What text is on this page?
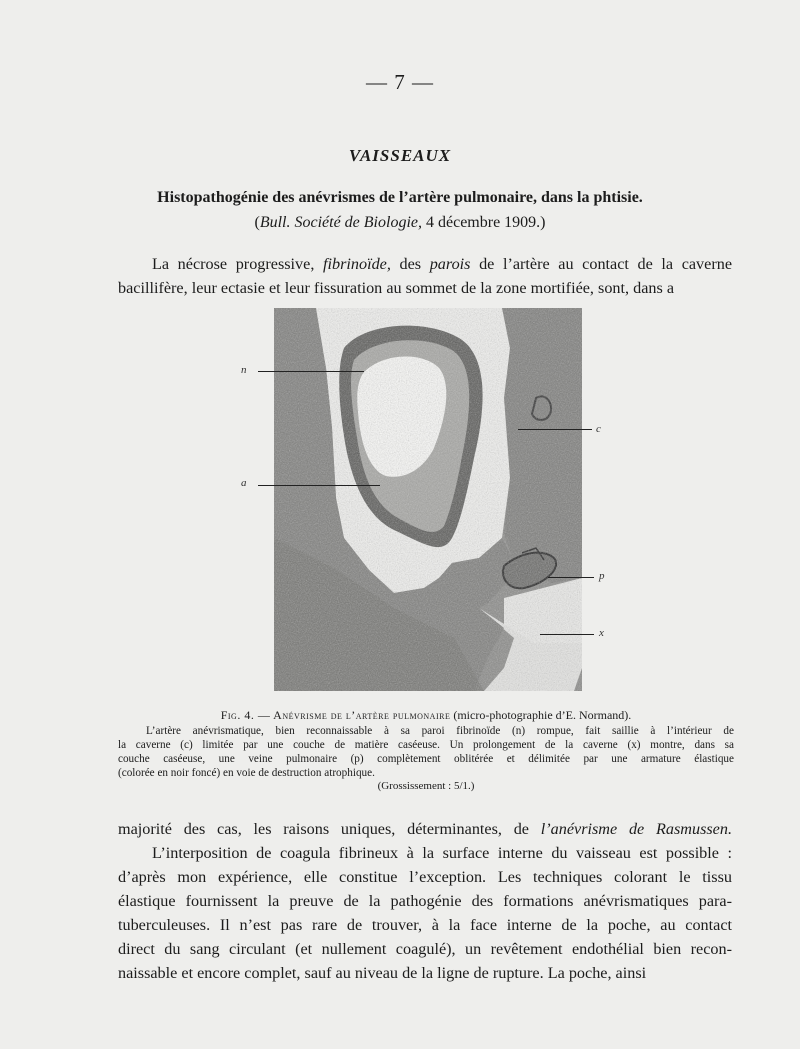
— 7 —
VAISSEAUX
Histopathogénie des anévrismes de l’artère pulmonaire, dans la phtisie.
(Bull. Société de Biologie, 4 décembre 1909.)
La nécrose progressive, fibrinoïde, des parois de l’artère au contact de la caverne
bacillifère, leur ectasie et leur fissuration au sommet de la zone mortifiée, sont, dans a
n
a
c
p
x
Fig. 4. — Anévrisme de l’artère pulmonaire (micro-photographie d’E. Normand).
L’artère anévrismatique, bien reconnaissable à sa paroi fibrinoïde (n) rompue, fait saillie à l’intérieur de
la caverne (c) limitée par une couche de matière caséeuse. Un prolongement de la caverne (x) montre, dans sa
couche caséeuse, une veine pulmonaire (p) complètement oblitérée et délimitée par une armature élastique
(colorée en noir foncé) en voie de destruction atrophique.
(Grossissement : 5/1.)
majorité des cas, les raisons uniques, déterminantes, de l’anévrisme de Rasmussen.
L’interposition de coagula fibrineux à la surface interne du vaisseau est possible :
d’après mon expérience, elle constitue l’exception. Les techniques colorant le tissu
élastique fournissent la preuve de la pathogénie des formations anévrismatiques para-
tuberculeuses. Il n’est pas rare de trouver, à la face interne de la poche, au contact
direct du sang circulant (et nullement coagulé), un revêtement endothélial bien recon-
naissable et encore complet, sauf au niveau de la ligne de rupture. La poche, ainsi
